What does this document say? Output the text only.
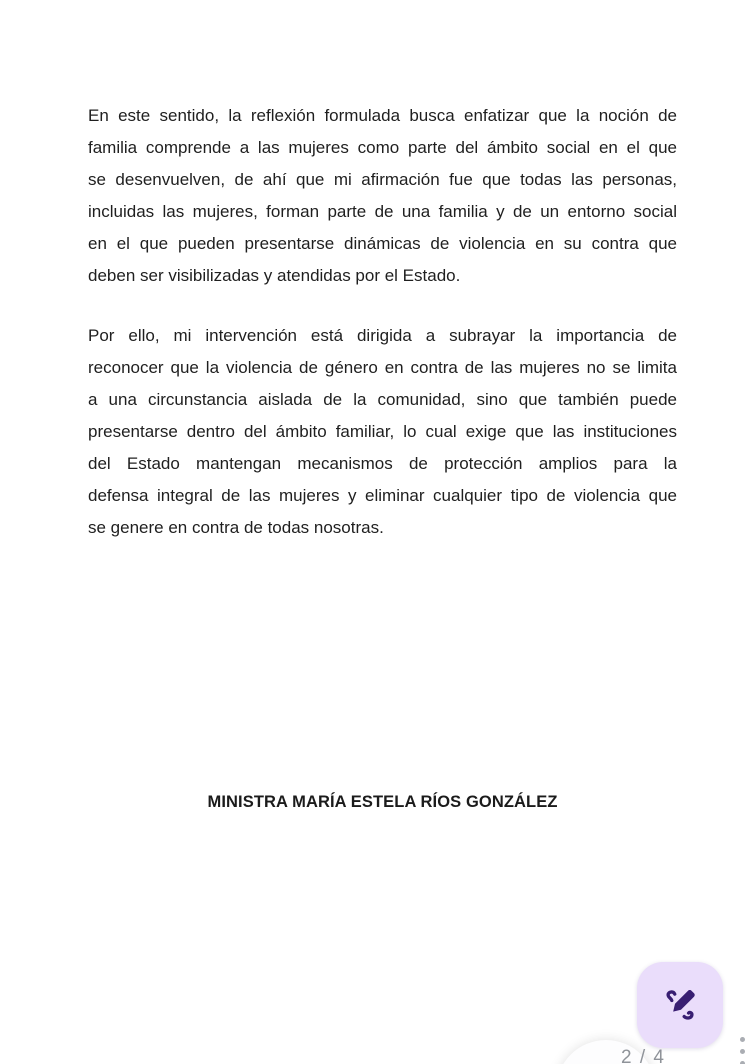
En este sentido, la reflexión formulada busca enfatizar que la noción de
familia comprende a las mujeres como parte del ámbito social en el que
se desenvuelven, de ahí que mi afirmación fue que todas las personas,
incluidas las mujeres, forman parte de una familia y de un entorno social
en el que pueden presentarse dinámicas de violencia en su contra que
deben ser visibilizadas y atendidas por el Estado.
Por ello, mi intervención está dirigida a subrayar la importancia de
reconocer que la violencia de género en contra de las mujeres no se limita
a una circunstancia aislada de la comunidad, sino que también puede
presentarse dentro del ámbito familiar, lo cual exige que las instituciones
del Estado mantengan mecanismos de protección amplios para la
defensa integral de las mujeres y eliminar cualquier tipo de violencia que
se genere en contra de todas nosotras.
MINISTRA MARÍA ESTELA RÍOS GONZÁLEZ
2 / 4
